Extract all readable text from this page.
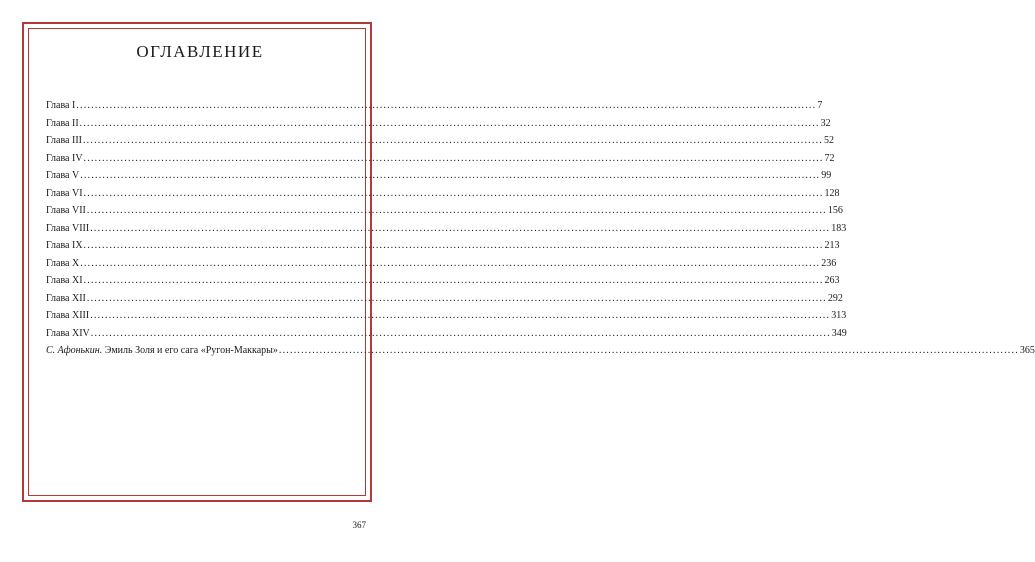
ОГЛАВЛЕНИЕ
Глава I ........................................................................................................................................................................................................ 7
Глава II ........................................................................................................................................................................................................ 32
Глава III ........................................................................................................................................................................................................ 52
Глава IV ........................................................................................................................................................................................................ 72
Глава V ........................................................................................................................................................................................................ 99
Глава VI ........................................................................................................................................................................................................ 128
Глава VII ........................................................................................................................................................................................................ 156
Глава VIII ........................................................................................................................................................................................................ 183
Глава IX ........................................................................................................................................................................................................ 213
Глава X ........................................................................................................................................................................................................ 236
Глава XI ........................................................................................................................................................................................................ 263
Глава XII ........................................................................................................................................................................................................ 292
Глава XIII ........................................................................................................................................................................................................ 313
Глава XIV ........................................................................................................................................................................................................ 349
С. Афонькин. Эмиль Золя и его сага «Ругон-Маккары» ........................................................................................................................................................................................................ 365
367
